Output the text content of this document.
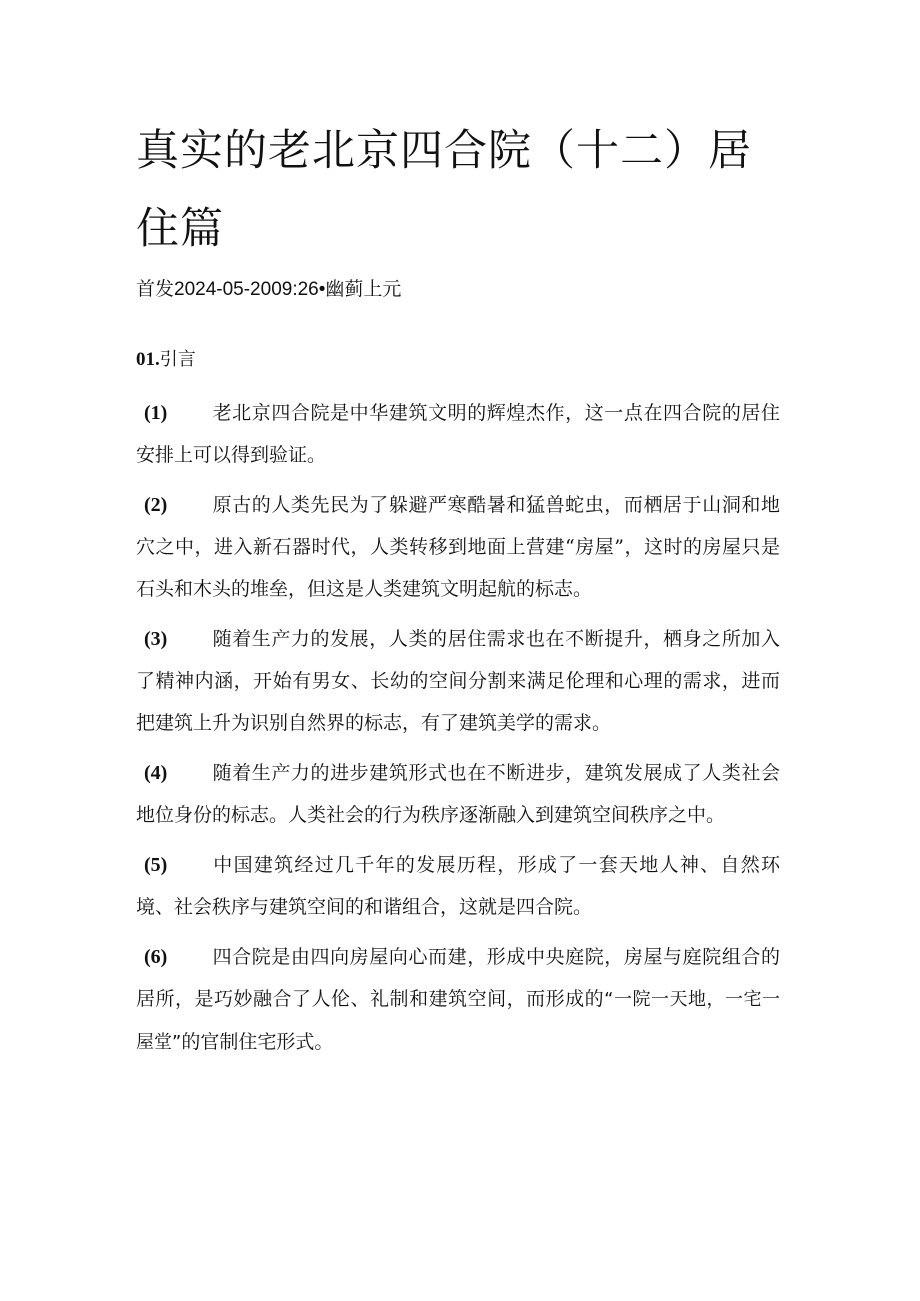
真实的老北京四合院（十二）居住篇
首发2024-05-2009:26•幽蓟上元
01.引言

(1) 老北京四合院是中华建筑文明的辉煌杰作，这一点在四合院的居住安排上可以得到验证。

(2) 原古的人类先民为了躲避严寒酷暑和猛兽蛇虫，而栖居于山洞和地穴之中，进入新石器时代，人类转移到地面上营建“房屋”，这时的房屋只是石头和木头的堆垒，但这是人类建筑文明起航的标志。

(3) 随着生产力的发展，人类的居住需求也在不断提升，栖身之所加入了精神内涵，开始有男女、长幼的空间分割来满足伦理和心理的需求，进而把建筑上升为识别自然界的标志，有了建筑美学的需求。

(4) 随着生产力的进步建筑形式也在不断进步，建筑发展成了人类社会地位身份的标志。人类社会的行为秩序逐渐融入到建筑空间秩序之中。

(5) 中国建筑经过几千年的发展历程，形成了一套天地人神、自然环境、社会秩序与建筑空间的和谐组合，这就是四合院。

(6) 四合院是由四向房屋向心而建，形成中央庭院，房屋与庭院组合的居所，是巧妙融合了人伦、礼制和建筑空间，而形成的“一院一天地，一宅一屋堂”的官制住宅形式。
